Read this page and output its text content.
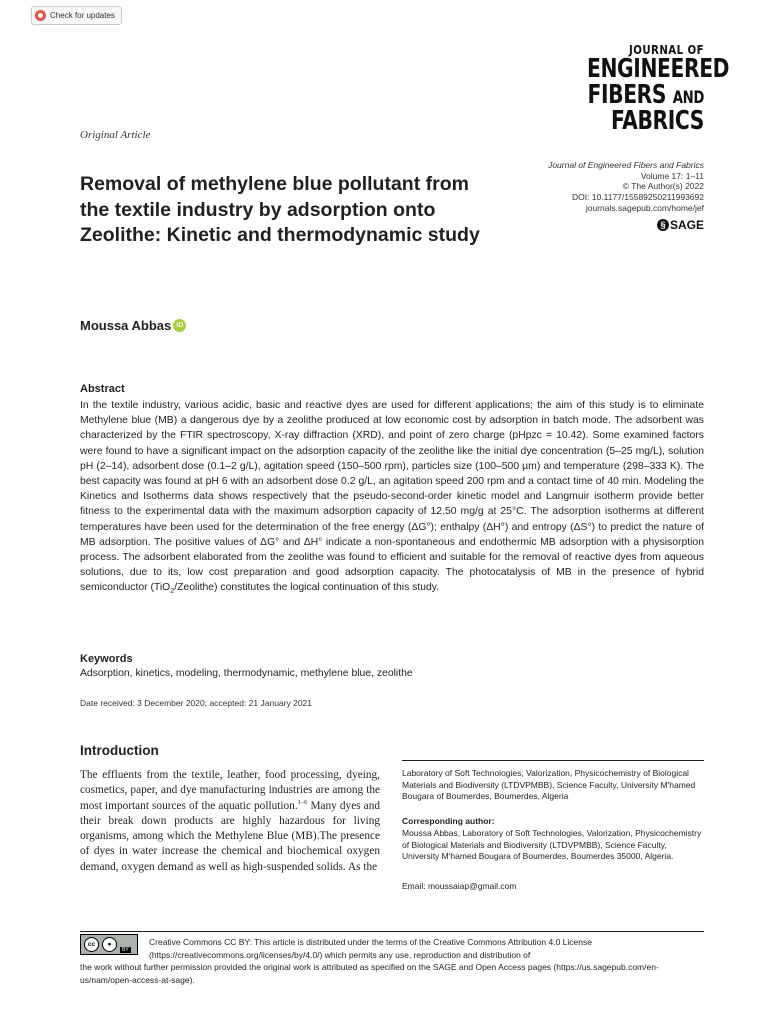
Check for updates
JOURNAL OF
ENGINEERED
FIBERS AND
FABRICS
Original Article
Removal of methylene blue pollutant from the textile industry by adsorption onto Zeolithe: Kinetic and thermodynamic study
Journal of Engineered Fibers and Fabrics
Volume 17: 1–11
© The Author(s) 2022
DOI: 10.1177/15589250211993692
journals.sagepub.com/home/jef
§ SAGE
Moussa Abbas iD
Abstract

In the textile industry, various acidic, basic and reactive dyes are used for different applications; the aim of this study is to eliminate Methylene blue (MB) a dangerous dye by a zeolithe produced at low economic cost by adsorption in batch mode. The adsorbent was characterized by the FTIR spectroscopy, X-ray diffraction (XRD), and point of zero charge (pHpzc = 10.42). Some examined factors were found to have a significant impact on the adsorption capacity of the zeolithe like the initial dye concentration (5–25 mg/L), solution pH (2–14), adsorbent dose (0.1–2 g/L), agitation speed (150–500 rpm), particles size (100–500 µm) and temperature (298–333 K). The best capacity was found at pH 6 with an adsorbent dose 0.2 g/L, an agitation speed 200 rpm and a contact time of 40 min. Modeling the Kinetics and Isotherms data shows respectively that the pseudo-second-order kinetic model and Langmuir isotherm provide better fitness to the experimental data with the maximum adsorption capacity of 12.50 mg/g at 25°C. The adsorption isotherms at different temperatures have been used for the determination of the free energy (ΔG°); enthalpy (ΔH°) and entropy (ΔS°) to predict the nature of MB adsorption. The positive values of ΔG° and ΔH° indicate a non-spontaneous and endothermic MB adsorption with a physisorption process. The adsorbent elaborated from the zeolithe was found to efficient and suitable for the removal of reactive dyes from aqueous solutions, due to its, low cost preparation and good adsorption capacity. The photocatalysis of MB in the presence of hybrid semiconductor (TiO$_2$/Zeolithe) constitutes the logical continuation of this study.

Keywords
Adsorption, kinetics, modeling, thermodynamic, methylene blue, zeolithe
Date received: 3 December 2020; accepted: 21 January 2021
Introduction

The effluents from the textile, leather, food processing, dyeing, cosmetics, paper, and dye manufacturing industries are among the most important sources of the aquatic pollution.$^{1-6}$ Many dyes and their break down products are highly hazardous for living organisms, among which the Methylene Blue (MB).The presence of dyes in water increase the chemical and biochemical oxygen demand, oxygen demand as well as high-suspended solids. As the

Laboratory of Soft Technologies, Valorization, Physicochemistry of Biological Materials and Biodiversity (LTDVPMBB), Science Faculty, University M'hamed Bougara of Boumerdes, Boumerdes, Algeria
Corresponding author:
Moussa Abbas, Laboratory of Soft Technologies, Valorization, Physicochemistry of Biological Materials and Biodiversity (LTDVPMBB), Science Faculty, University M'hamed Bougara of Boumerdes, Boumerdes 35000, Algeria.
Email: moussaiap@gmail.com
cc	●
BY
Creative Commons CC BY: This article is distributed under the terms of the Creative Commons Attribution 4.0 License (https://creativecommons.org/licenses/by/4.0/) which permits any use, reproduction and distribution of
the work without further permission provided the original work is attributed as specified on the SAGE and Open Access pages (https://us.sagepub.com/en-us/nam/open-access-at-sage).
